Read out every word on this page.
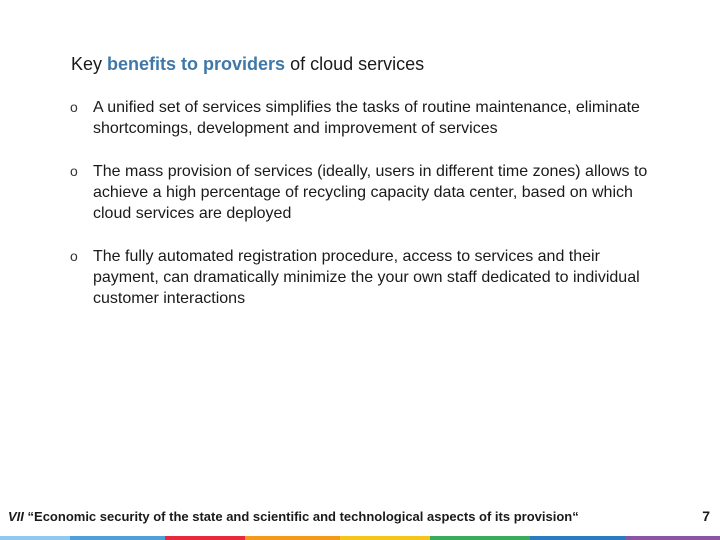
Key benefits to providers of cloud services
o A unified set of services simplifies the tasks of routine maintenance, eliminate shortcomings, development and improvement of services
o The mass provision of services (ideally, users in different time zones) allows to achieve a high percentage of recycling capacity data center, based on which cloud services are deployed
o The fully automated registration procedure, access to services and their payment, can dramatically minimize the your own staff dedicated to individual customer interactions
VII “Economic security of the state and scientific and technological aspects of its provision“	7
